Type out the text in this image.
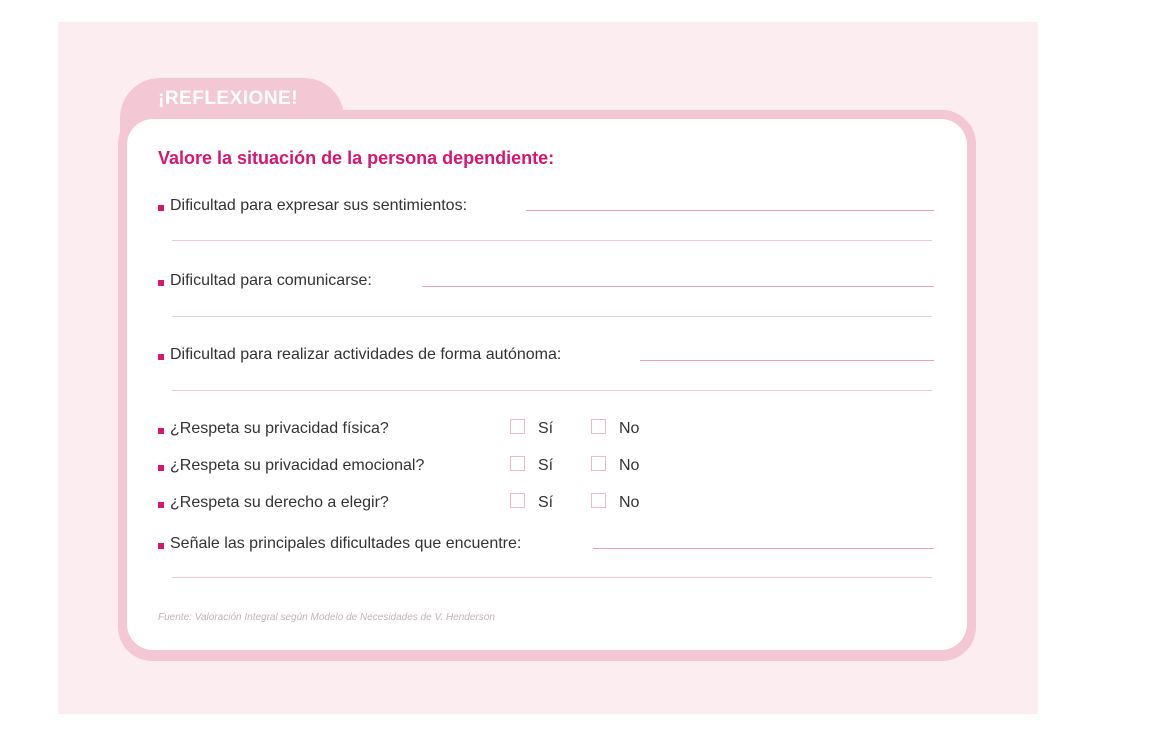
¡REFLEXIONE!
Valore la situación de la persona dependiente:
Dificultad para expresar sus sentimientos:
Dificultad para comunicarse:
Dificultad para realizar actividades de forma autónoma:
¿Respeta su privacidad física?	Sí	No
¿Respeta su privacidad emocional?	Sí	No
¿Respeta su derecho a elegir?	Sí	No
Señale las principales dificultades que encuentre:
Fuente: Valoración Integral según Modelo de Necesidades de V. Henderson
